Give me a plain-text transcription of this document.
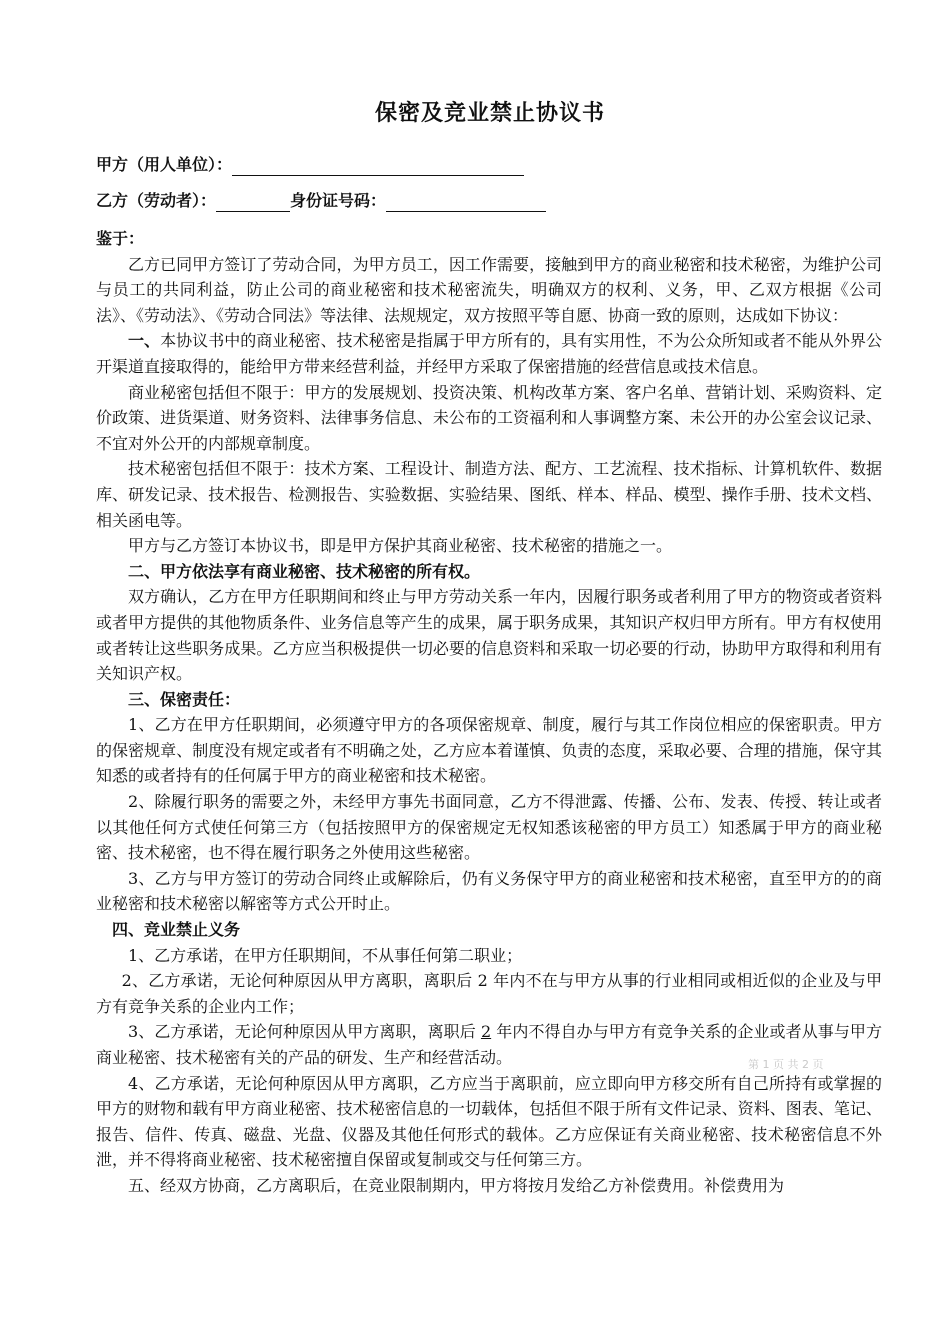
保密及竞业禁止协议书
甲方（用人单位）：
乙方（劳动者）：	身份证号码：

鉴于：

乙方已同甲方签订了劳动合同，为甲方员工，因工作需要，接触到甲方的商业秘密和技术秘密，为维护公司与员工的共同利益，防止公司的商业秘密和技术秘密流失，明确双方的权利、义务，甲、乙双方根据《公司法》、《劳动法》、《劳动合同法》等法律、法规规定，双方按照平等自愿、协商一致的原则，达成如下协议：

一、本协议书中的商业秘密、技术秘密是指属于甲方所有的，具有实用性，不为公众所知或者不能从外界公开渠道直接取得的，能给甲方带来经营利益，并经甲方采取了保密措施的经营信息或技术信息。

商业秘密包括但不限于：甲方的发展规划、投资决策、机构改革方案、客户名单、营销计划、采购资料、定价政策、进货渠道、财务资料、法律事务信息、未公布的工资福利和人事调整方案、未公开的办公室会议记录、不宜对外公开的内部规章制度。

技术秘密包括但不限于：技术方案、工程设计、制造方法、配方、工艺流程、技术指标、计算机软件、数据库、研发记录、技术报告、检测报告、实验数据、实验结果、图纸、样本、样品、模型、操作手册、技术文档、相关函电等。

甲方与乙方签订本协议书，即是甲方保护其商业秘密、技术秘密的措施之一。

二、甲方依法享有商业秘密、技术秘密的所有权。

双方确认，乙方在甲方任职期间和终止与甲方劳动关系一年内，因履行职务或者利用了甲方的物资或者资料或者甲方提供的其他物质条件、业务信息等产生的成果，属于职务成果，其知识产权归甲方所有。甲方有权使用或者转让这些职务成果。乙方应当积极提供一切必要的信息资料和采取一切必要的行动，协助甲方取得和利用有关知识产权。

三、保密责任：

1、乙方在甲方任职期间，必须遵守甲方的各项保密规章、制度，履行与其工作岗位相应的保密职责。甲方的保密规章、制度没有规定或者有不明确之处，乙方应本着谨慎、负责的态度，采取必要、合理的措施，保守其知悉的或者持有的任何属于甲方的商业秘密和技术秘密。

2、除履行职务的需要之外，未经甲方事先书面同意，乙方不得泄露、传播、公布、发表、传授、转让或者以其他任何方式使任何第三方（包括按照甲方的保密规定无权知悉该秘密的甲方员工）知悉属于甲方的商业秘密、技术秘密，也不得在履行职务之外使用这些秘密。

3、乙方与甲方签订的劳动合同终止或解除后，仍有义务保守甲方的商业秘密和技术秘密，直至甲方的的商业秘密和技术秘密以解密等方式公开时止。

四、竞业禁止义务

1、乙方承诺，在甲方任职期间，不从事任何第二职业；

2、乙方承诺，无论何种原因从甲方离职，离职后 2 年内不在与甲方从事的行业相同或相近似的企业及与甲方有竞争关系的企业内工作；

3、乙方承诺，无论何种原因从甲方离职，离职后 2 年内不得自办与甲方有竞争关系的企业或者从事与甲方商业秘密、技术秘密有关的产品的研发、生产和经营活动。

4、乙方承诺，无论何种原因从甲方离职，乙方应当于离职前，应立即向甲方移交所有自己所持有或掌握的甲方的财物和载有甲方商业秘密、技术秘密信息的一切载体，包括但不限于所有文件记录、资料、图表、笔记、报告、信件、传真、磁盘、光盘、仪器及其他任何形式的载体。乙方应保证有关商业秘密、技术秘密信息不外泄，并不得将商业秘密、技术秘密擅自保留或复制或交与任何第三方。

五、经双方协商，乙方离职后，在竞业限制期内，甲方将按月发给乙方补偿费用。补偿费用为

第 1 页 共 2 页
